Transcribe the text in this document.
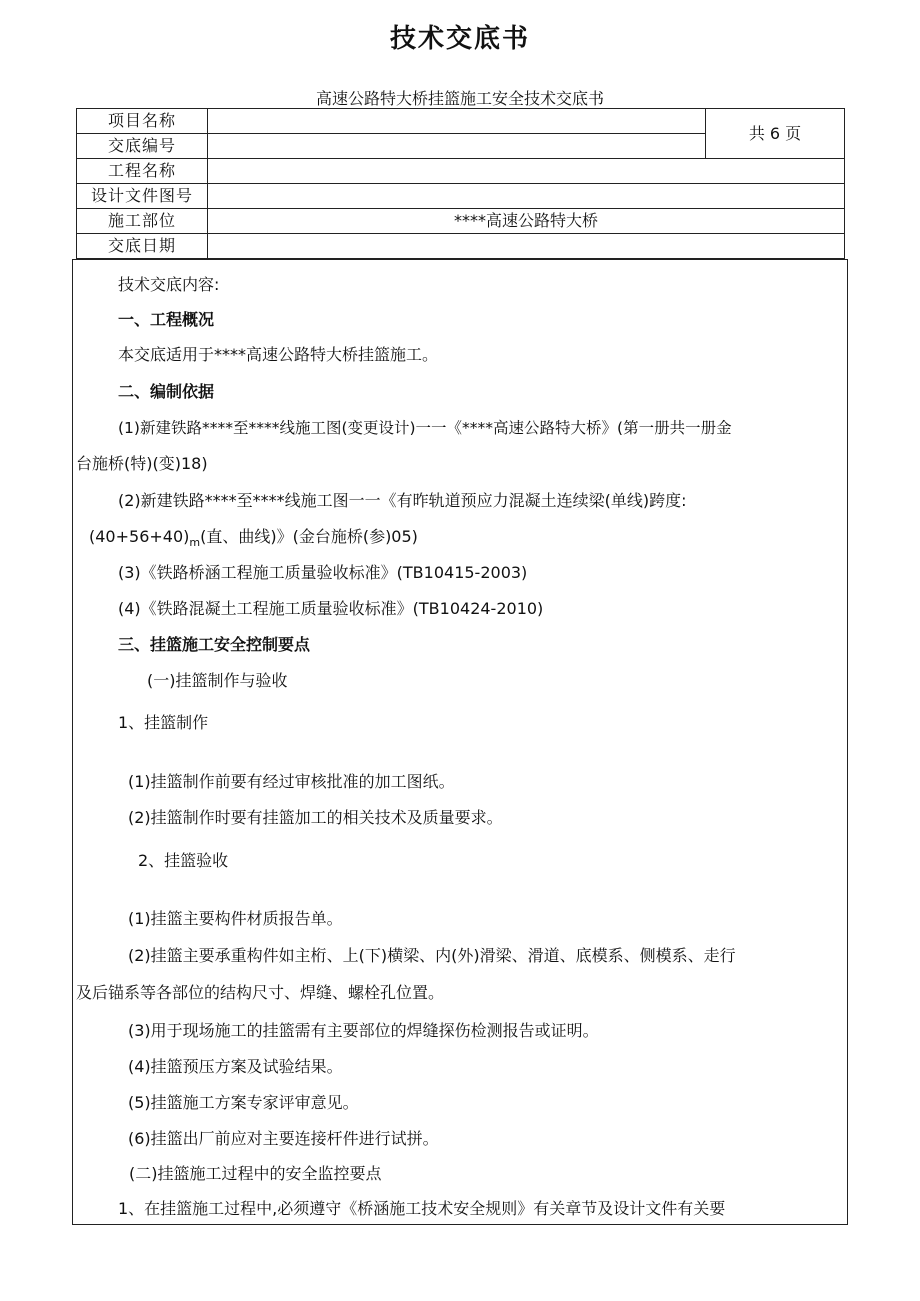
技术交底书
高速公路特大桥挂篮施工安全技术交底书
项目名称		共 6 页
交底编号		
工程名称		
设计文件图号		
施工部位	****高速公路特大桥	
交底日期		
技术交底内容:
一、工程概况
本交底适用于****高速公路特大桥挂篮施工。
二、编制依据
(1)新建铁路****至****线施工图(变更设计)一一《****高速公路特大桥》(第一册共一册金
台施桥(特)(变)18)
(2)新建铁路****至****线施工图一一《有昨轨道预应力混凝土连续梁(单线)跨度:
$(40+56+40)_m$(直、曲线)》(金台施桥(参)05)
(3)《铁路桥涵工程施工质量验收标准》(TB10415-2003)
(4)《铁路混凝土工程施工质量验收标准》(TB10424-2010)
三、挂篮施工安全控制要点
(一)挂篮制作与验收
1、挂篮制作
(1)挂篮制作前要有经过审核批准的加工图纸。
(2)挂篮制作时要有挂篮加工的相关技术及质量要求。
2、挂篮验收
(1)挂篮主要构件材质报告单。
(2)挂篮主要承重构件如主桁、上(下)横梁、内(外)滑梁、滑道、底模系、侧模系、走行
及后锚系等各部位的结构尺寸、焊缝、螺栓孔位置。
(3)用于现场施工的挂篮需有主要部位的焊缝探伤检测报告或证明。
(4)挂篮预压方案及试验结果。
(5)挂篮施工方案专家评审意见。
(6)挂篮出厂前应对主要连接杆件进行试拼。
(二)挂篮施工过程中的安全监控要点
1、在挂篮施工过程中,必须遵守《桥涵施工技术安全规则》有关章节及设计文件有关要
